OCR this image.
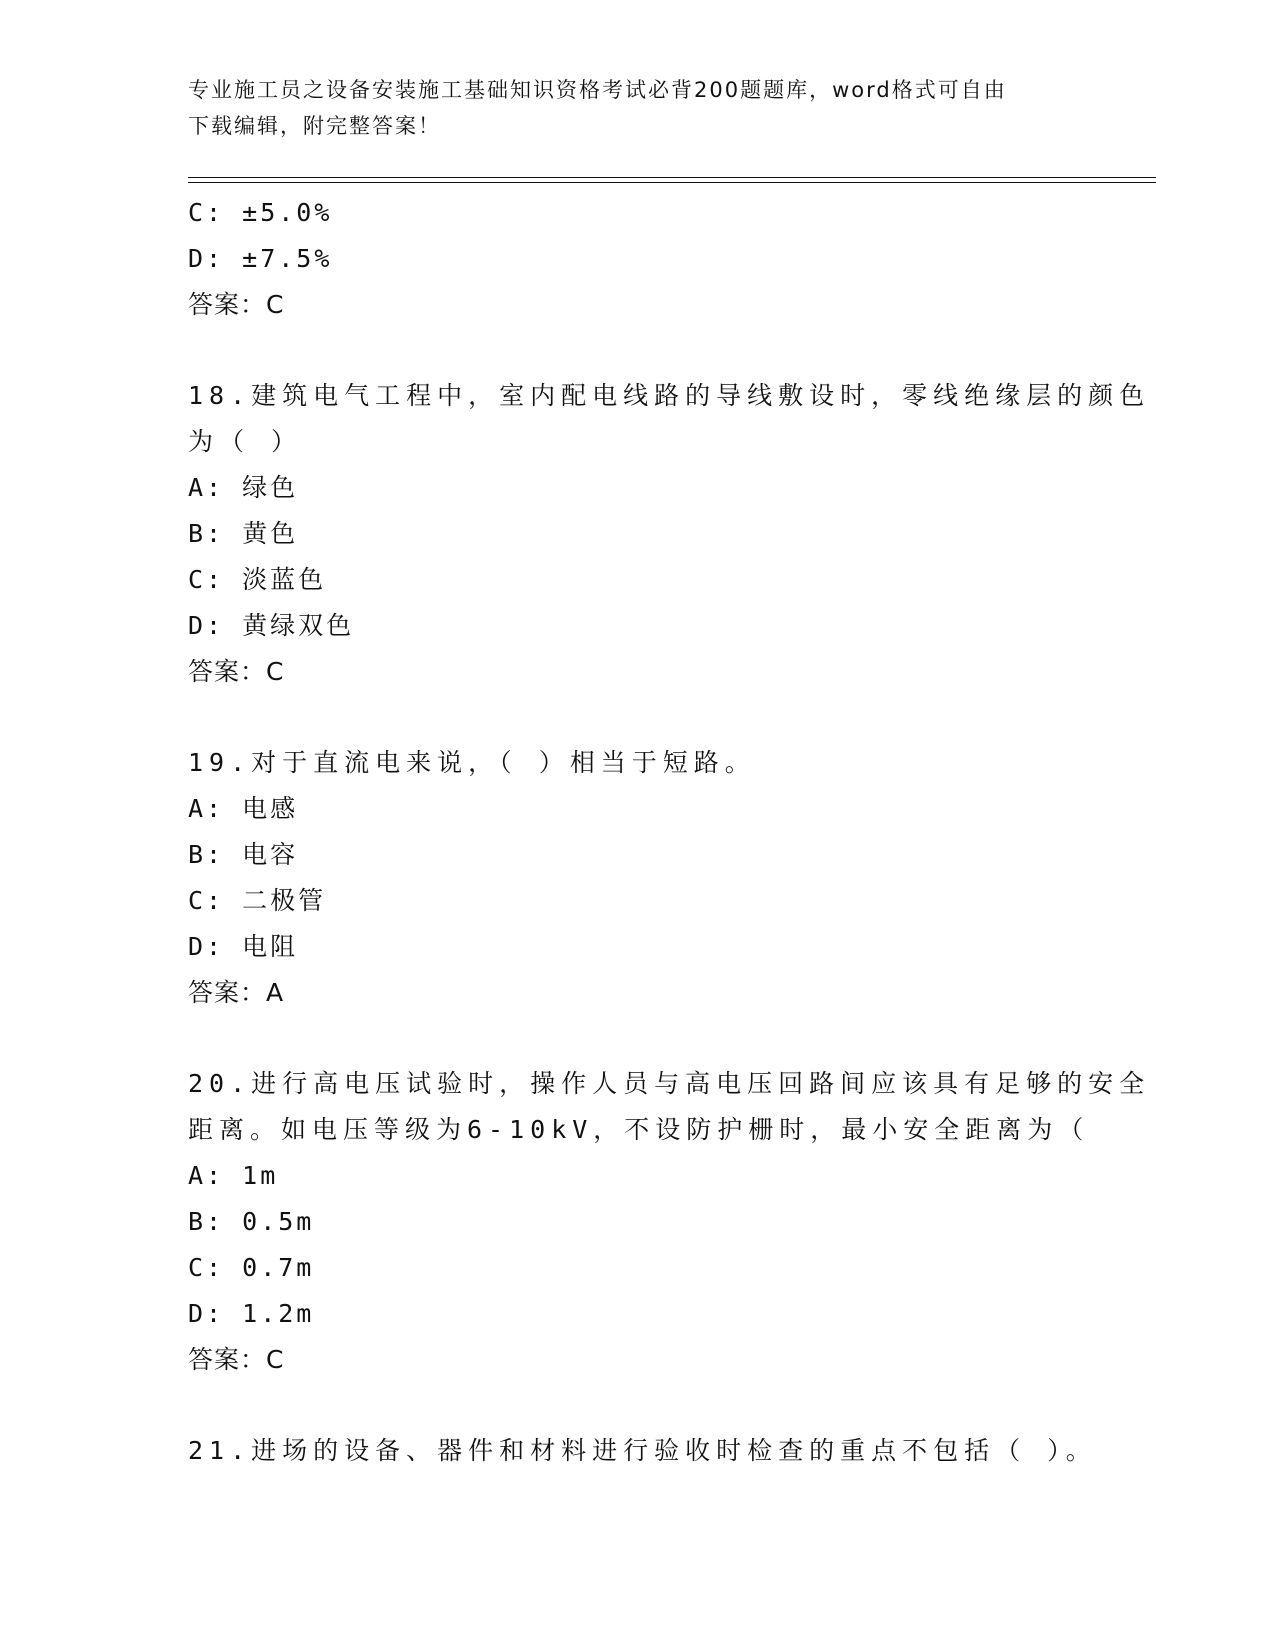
专业施工员之设备安装施工基础知识资格考试必背200题题库，word格式可自由
下载编辑，附完整答案！
C: ±5.0%
D: ±7.5%
答案：C
18.建筑电气工程中，室内配电线路的导线敷设时，零线绝缘层的颜色
为（ ）
A: 绿色
B: 黄色
C: 淡蓝色
D: 黄绿双色
答案：C
19.对于直流电来说，（ ）相当于短路。
A: 电感
B: 电容
C: 二极管
D: 电阻
答案：A
20.进行高电压试验时，操作人员与高电压回路间应该具有足够的安全
距离。如电压等级为6-10kV，不设防护栅时，最小安全距离为（
A: 1m
B: 0.5m
C: 0.7m
D: 1.2m
答案：C
21.进场的设备、器件和材料进行验收时检查的重点不包括（ ）。
